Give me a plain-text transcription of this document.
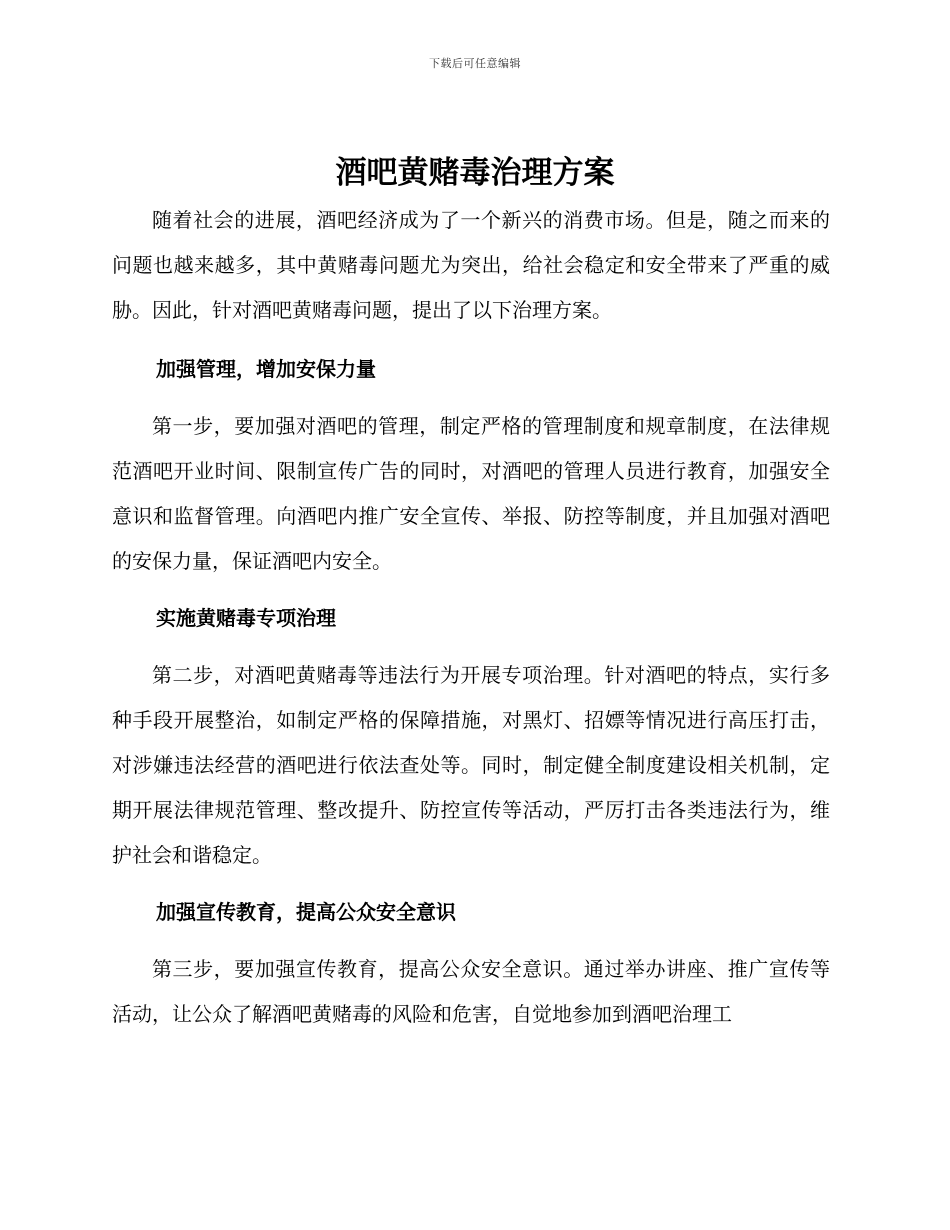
下载后可任意编辑
酒吧黄赌毒治理方案

随着社会的进展，酒吧经济成为了一个新兴的消费市场。但是，随之而来的问题也越来越多，其中黄赌毒问题尤为突出，给社会稳定和安全带来了严重的威胁。因此，针对酒吧黄赌毒问题，提出了以下治理方案。

加强管理，增加安保力量

第一步，要加强对酒吧的管理，制定严格的管理制度和规章制度，在法律规范酒吧开业时间、限制宣传广告的同时，对酒吧的管理人员进行教育，加强安全意识和监督管理。向酒吧内推广安全宣传、举报、防控等制度，并且加强对酒吧的安保力量，保证酒吧内安全。

实施黄赌毒专项治理

第二步，对酒吧黄赌毒等违法行为开展专项治理。针对酒吧的特点，实行多种手段开展整治，如制定严格的保障措施，对黑灯、招嫖等情况进行高压打击，对涉嫌违法经营的酒吧进行依法查处等。同时，制定健全制度建设相关机制，定期开展法律规范管理、整改提升、防控宣传等活动，严厉打击各类违法行为，维护社会和谐稳定。

加强宣传教育，提高公众安全意识

第三步，要加强宣传教育，提高公众安全意识。通过举办讲座、推广宣传等活动，让公众了解酒吧黄赌毒的风险和危害，自觉地参加到酒吧治理工
